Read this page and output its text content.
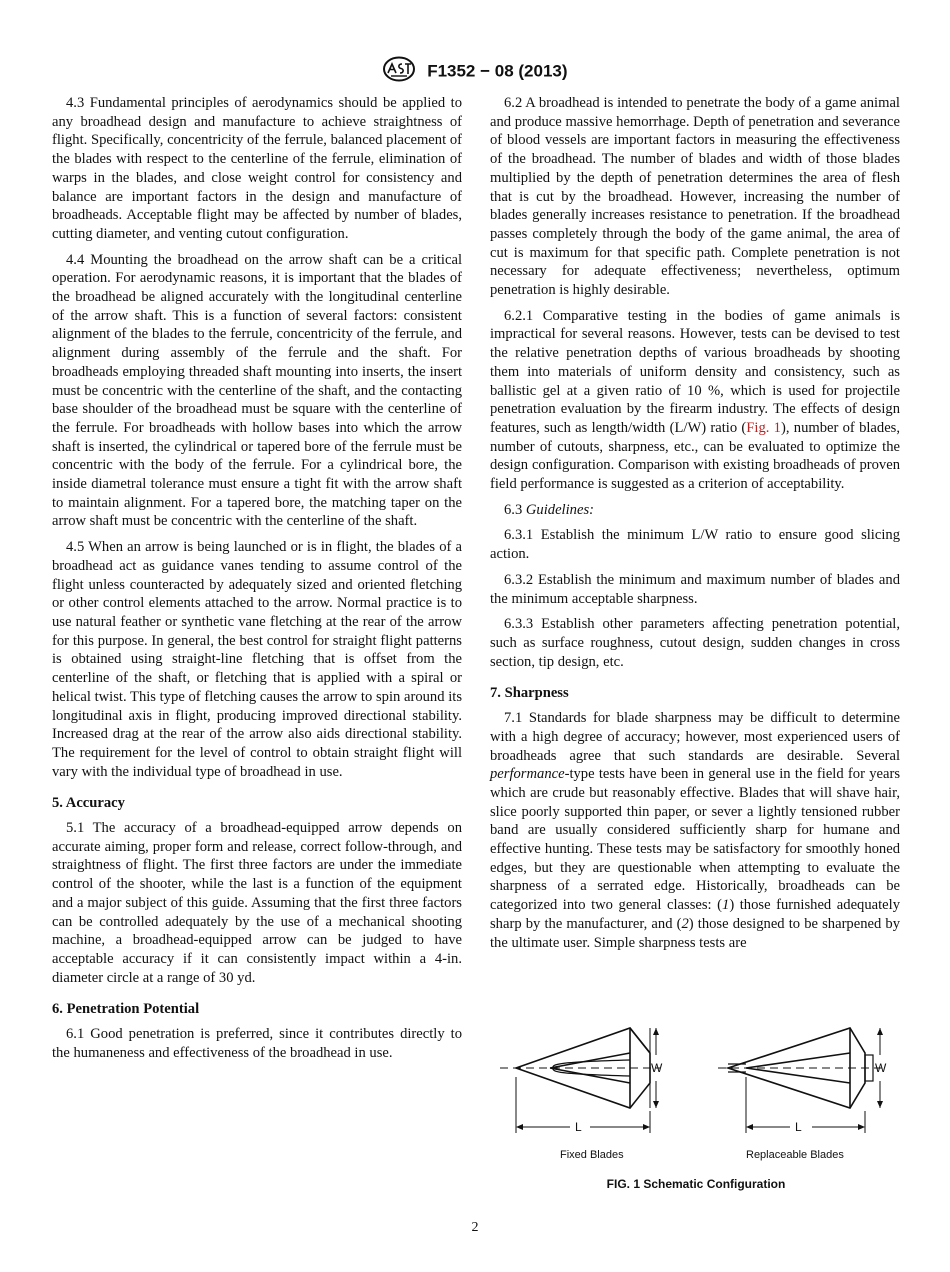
F1352 − 08 (2013)

4.3 Fundamental principles of aerodynamics should be applied to any broadhead design and manufacture to achieve straightness of flight. Specifically, concentricity of the ferrule, balanced placement of the blades with respect to the centerline of the ferrule, elimination of warps in the blades, and close weight control for consistency and balance are important factors in the design and manufacture of broadheads. Acceptable flight may be affected by number of blades, cutting diameter, and venting cutout configuration.

4.4 Mounting the broadhead on the arrow shaft can be a critical operation. For aerodynamic reasons, it is important that the blades of the broadhead be aligned accurately with the longitudinal centerline of the arrow shaft. This is a function of several factors: consistent alignment of the blades to the ferrule, concentricity of the ferrule, and alignment during assembly of the ferrule and the shaft. For broadheads employing threaded shaft mounting into inserts, the insert must be concentric with the centerline of the shaft, and the contacting base shoulder of the broadhead must be square with the centerline of the ferrule. For broadheads with hollow bases into which the arrow shaft is inserted, the cylindrical or tapered bore of the ferrule must be concentric with the body of the ferrule. For a cylindrical bore, the inside diametral tolerance must ensure a tight fit with the arrow shaft to maintain alignment. For a tapered bore, the matching taper on the arrow shaft must be concentric with the centerline of the shaft.

4.5 When an arrow is being launched or is in flight, the blades of a broadhead act as guidance vanes tending to assume control of the flight unless counteracted by adequately sized and oriented fletching or other control elements attached to the arrow. Normal practice is to use natural feather or synthetic vane fletching at the rear of the arrow for this purpose. In general, the best control for straight flight patterns is obtained using straight-line fletching that is offset from the centerline of the shaft, or fletching that is applied with a spiral or helical twist. This type of fletching causes the arrow to spin around its longitudinal axis in flight, producing improved directional stability. Increased drag at the rear of the arrow also aids directional stability. The requirement for the level of control to obtain straight flight will vary with the individual type of broadhead in use.

5. Accuracy

5.1 The accuracy of a broadhead-equipped arrow depends on accurate aiming, proper form and release, correct follow-through, and straightness of flight. The first three factors are under the immediate control of the shooter, while the last is a function of the equipment and a major subject of this guide. Assuming that the first three factors can be controlled adequately by the use of a mechanical shooting machine, a broadhead-equipped arrow can be judged to have acceptable accuracy if it can consistently impact within a 4-in. diameter circle at a range of 30 yd.

6. Penetration Potential

6.1 Good penetration is preferred, since it contributes directly to the humaneness and effectiveness of the broadhead in use.

6.2 A broadhead is intended to penetrate the body of a game animal and produce massive hemorrhage. Depth of penetration and severance of blood vessels are important factors in measuring the effectiveness of the broadhead. The number of blades and width of those blades multiplied by the depth of penetration determines the area of flesh that is cut by the broadhead. However, increasing the number of blades generally increases resistance to penetration. If the broadhead passes completely through the body of the game animal, the area of cut is maximum for that specific path. Complete penetration is not necessary for adequate effectiveness; nevertheless, optimum penetration is highly desirable.

6.2.1 Comparative testing in the bodies of game animals is impractical for several reasons. However, tests can be devised to test the relative penetration depths of various broadheads by shooting them into materials of uniform density and consistency, such as ballistic gel at a given ratio of 10 %, which is used for projectile penetration evaluation by the firearm industry. The effects of design features, such as length/width (L/W) ratio (Fig. 1), number of blades, number of cutouts, sharpness, etc., can be evaluated to optimize the design configuration. Comparison with existing broadheads of proven field performance is suggested as a criterion of acceptability.

6.3 Guidelines:

6.3.1 Establish the minimum L/W ratio to ensure good slicing action.

6.3.2 Establish the minimum and maximum number of blades and the minimum acceptable sharpness.

6.3.3 Establish other parameters affecting penetration potential, such as surface roughness, cutout design, sudden changes in cross section, tip design, etc.

7. Sharpness

7.1 Standards for blade sharpness may be difficult to determine with a high degree of accuracy; however, most experienced users of broadheads agree that such standards are desirable. Several performance-type tests have been in general use in the field for years which are crude but reasonably effective. Blades that will shave hair, slice poorly supported thin paper, or sever a lightly tensioned rubber band are usually considered sufficiently sharp for humane and effective hunting. These tests may be satisfactory for smoothly honed edges, but they are questionable when attempting to evaluate the sharpness of a serrated edge. Historically, broadheads can be categorized into two general classes: (1) those furnished adequately sharp by the manufacturer, and (2) those designed to be sharpened by the ultimate user. Simple sharpness tests are

W
L
W
L
Fixed Blades	Replaceable Blades
FIG. 1 Schematic Configuration
2
